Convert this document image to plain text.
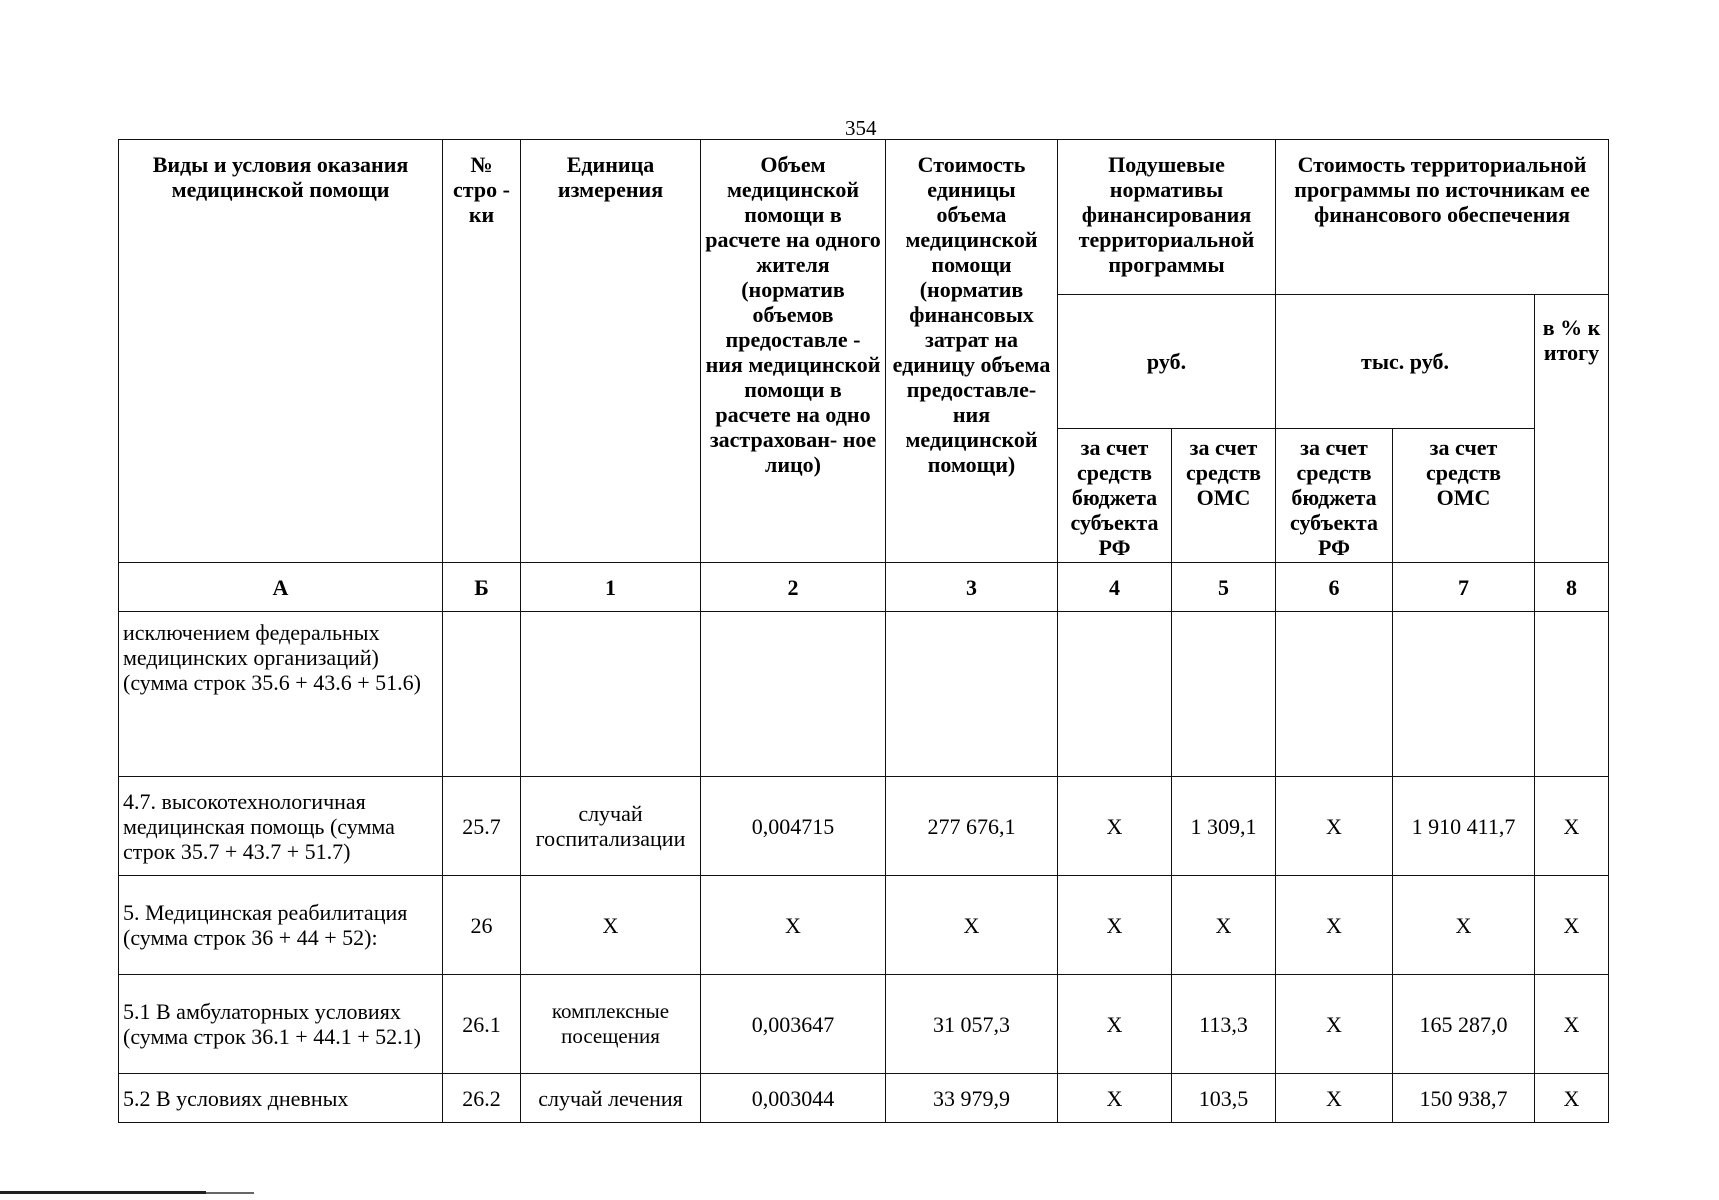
354
Виды и условия оказания медицинской помощи	№ стро - ки	Единица измерения	Объем медицинской помощи в расчете на одного жителя (норматив объемов предоставле - ния медицинской помощи в расчете на одно застрахован- ное лицо)	Стоимость единицы объема медицинской помощи (норматив финансовых затрат на единицу объема предоставле- ния медицинской помощи)	Подушевые нормативы финансирования территориальной программы		Стоимость территориальной программы по источникам ее финансового обеспечения		
					руб.		тыс. руб.		в % к итогу
					за счет средств бюджета субъекта РФ	за счет средств ОМС	за счет средств бюджета субъекта РФ	за счет средств ОМС	
А	Б	1	2	3	4	5	6	7	8
исключением федеральных медицинских организаций) (сумма строк 35.6 + 43.6 + 51.6)									
4.7. высокотехнологичная медицинская помощь (сумма строк 35.7 + 43.7 + 51.7)	25.7	случай госпитализации	0,004715	277 676,1	Х	1 309,1	Х	1 910 411,7	Х
5. Медицинская реабилитация (сумма строк 36 + 44 + 52):	26	Х	Х	Х	Х	Х	Х	Х	Х
5.1 В амбулаторных условиях (сумма строк 36.1 + 44.1 + 52.1)	26.1	комплексные посещения	0,003647	31 057,3	Х	113,3	Х	165 287,0	Х
5.2 В условиях дневных	26.2	случай лечения	0,003044	33 979,9	Х	103,5	Х	150 938,7	Х
